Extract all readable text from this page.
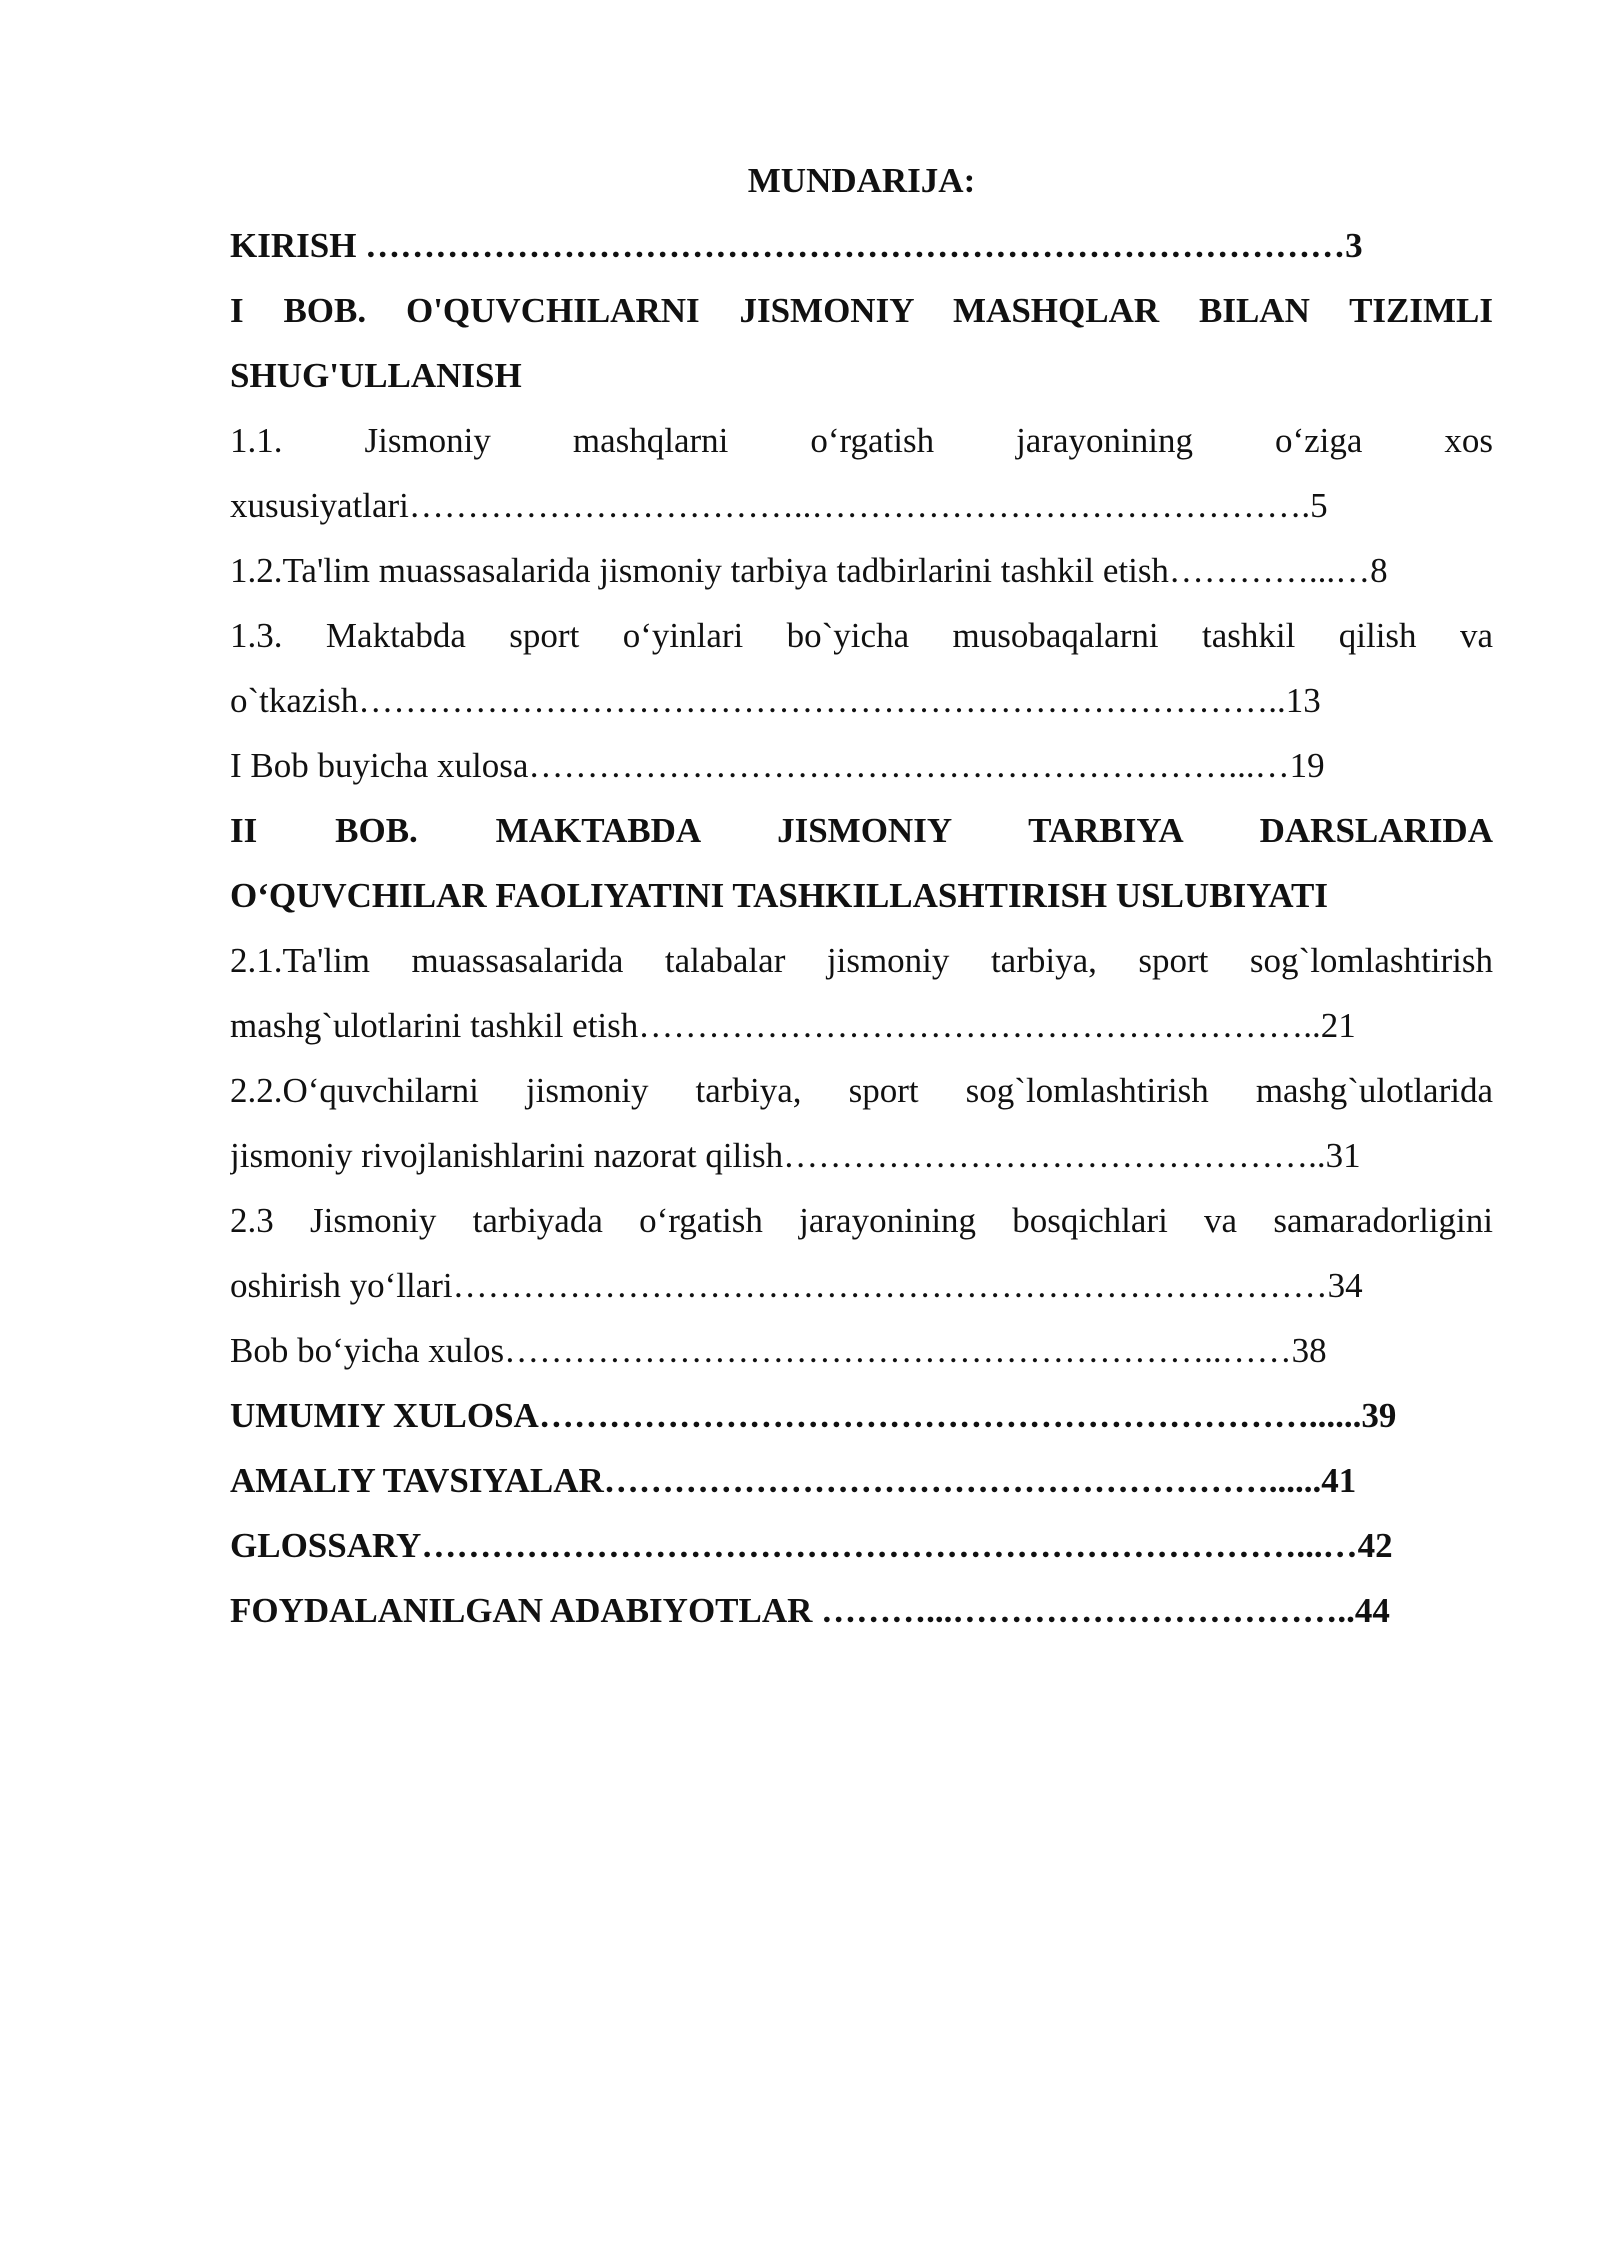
MUNDARIJA:
KIRISH …………………………………………………………………………3
I BOB. O'QUVCHILARNI JISMONIY MASHQLAR BILAN TIZIMLI
SHUG'ULLANISH
1.1. Jismoniy mashqlarni o‘rgatish jarayonining o‘ziga xos
xususiyatlari……………………………..…………………………………….5
1.2.Ta'lim muassasalarida jismoniy tarbiya tadbirlarini tashkil etish…………...…8
1.3. Maktabda sport o‘yinlari bo`yicha musobaqalarni tashkil qilish va
o`tkazish……………………………………………………………………..13
I Bob buyicha xulosa……………………………………………………...…19
II BOB. MAKTABDA JISMONIY TARBIYA DARSLARIDA
O‘QUVCHILAR FAOLIYATINI TASHKILLASHTIRISH USLUBIYATI
2.1.Ta'lim muassasalarida talabalar jismoniy tarbiya, sport sog`lomlashtirish
mashg`ulotlarini tashkil etish…………………………………………………..21
2.2.O‘quvchilarni jismoniy tarbiya, sport sog`lomlashtirish mashg`ulotlarida
jismoniy rivojlanishlarini nazorat qilish………………………………………..31
2.3 Jismoniy tarbiyada o‘rgatish jarayonining bosqichlari va samaradorligini
oshirish yo‘llari…………………………………………………………………34
Bob bo‘yicha xulos……………………………………………………..……38
UMUMIY XULOSA…………………………………………………………......39
AMALIY TAVSIYALAR…………………………………………………......41
GLOSSARY…………………………………………………………………...…42
FOYDALANILGAN ADABIYOTLAR ………...……………………………..44
